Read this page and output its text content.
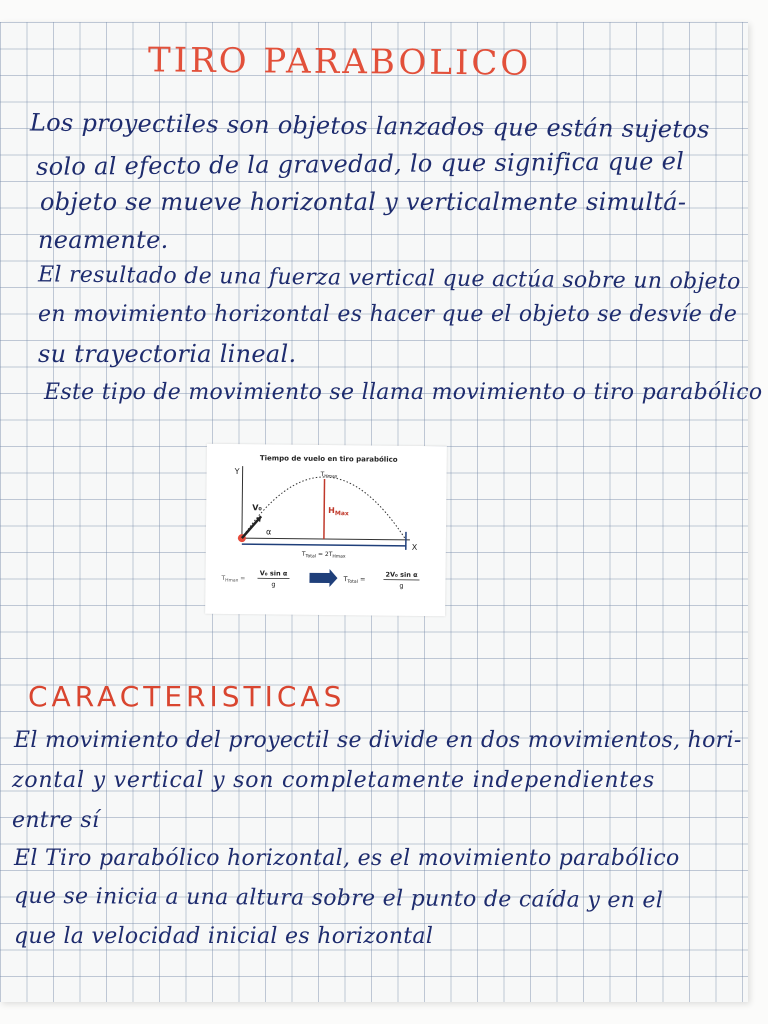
TIRO PARABOLICO

Los proyectiles son objetos lanzados que están sujetos

solo al efecto de la gravedad, lo que significa que el

objeto se mueve horizontal y verticalmente simultá-

neamente.

El resultado de una fuerza vertical que actúa sobre un objeto

en movimiento horizontal es hacer que el objeto se desvíe de

su trayectoria lineal.

Este tipo de movimiento se llama movimiento o tiro parabólico

Tiempo de vuelo en tiro parabólico
Y
X
V₀
α
$T_{Hmax}$
$H_{Max}$
$T_{Total} = 2T_{Hmax}$
$T_{Hmax}$ =
V₀ sin α
g
$T_{Total}$ =
2V₀ sin α
g
CARACTERISTICAS

El movimiento del proyectil se divide en dos movimientos, hori-

zontal y vertical y son completamente independientes

entre sí

El Tiro parabólico horizontal, es el movimiento parabólico

que se inicia a una altura sobre el punto de caída y en el

que la velocidad inicial es horizontal
